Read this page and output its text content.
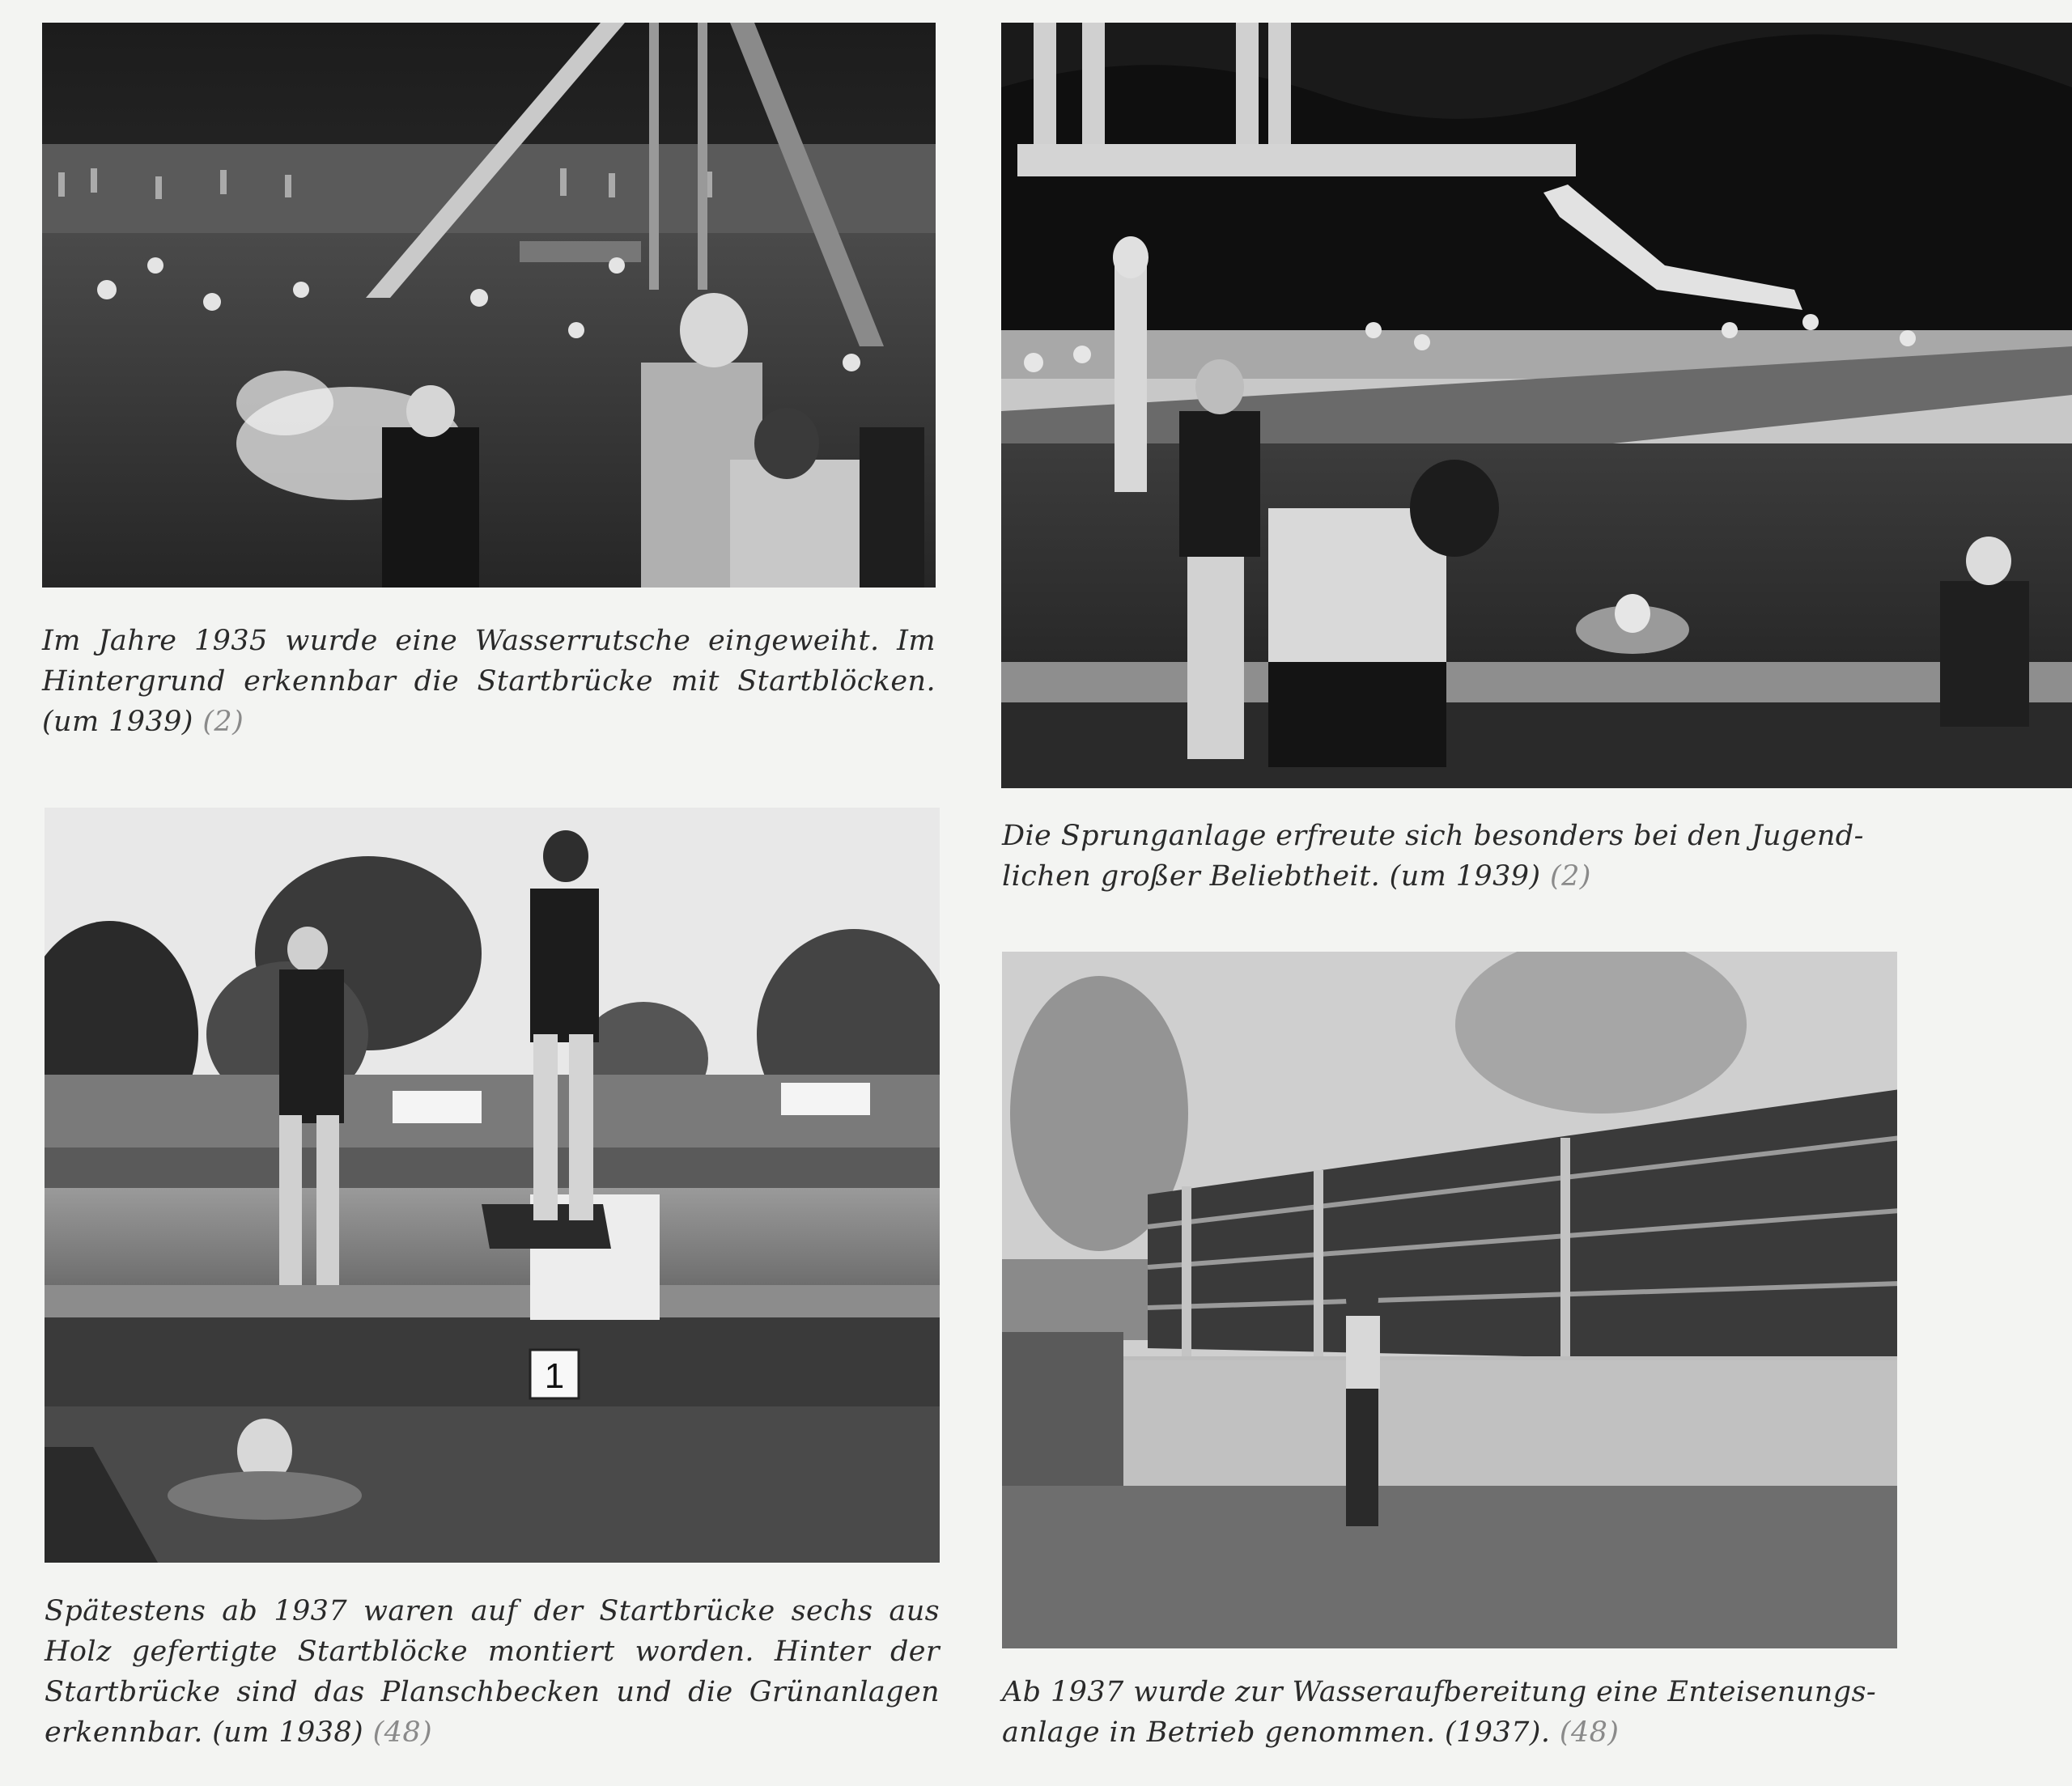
Im Jahre 1935 wurde eine Wasserrutsche eingeweiht. Im
Hintergrund erkennbar die Startbrücke mit Startblöcken.
(um 1939) (2)
Die Sprunganlage erfreute sich besonders bei den Jugend-
lichen großer Beliebtheit. (um 1939) (2)
1
Spätestens ab 1937 waren auf der Startbrücke sechs aus
Holz gefertigte Startblöcke montiert worden. Hinter der
Startbrücke sind das Planschbecken und die Grünanlagen
erkennbar. (um 1938) (48)
Ab 1937 wurde zur Wasseraufbereitung eine Enteisenungs-
anlage in Betrieb genommen. (1937). (48)
